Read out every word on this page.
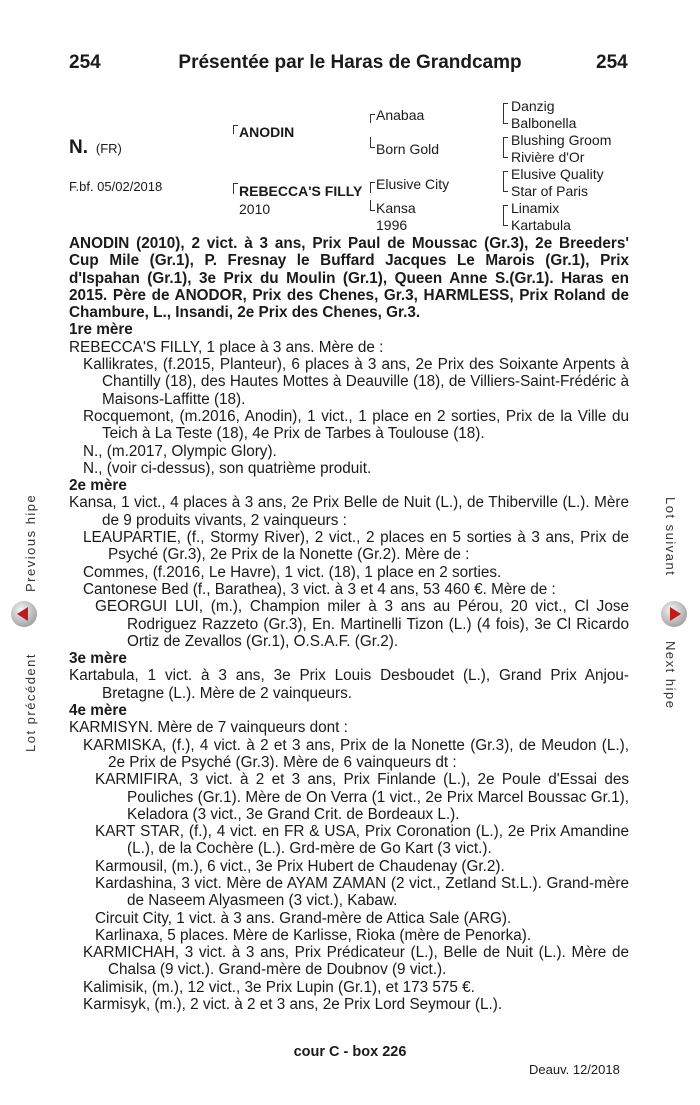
254	Présentée par le Haras de Grandcamp	254
N. (FR)
F.bf. 05/02/2018
ANODIN
REBECCA'S FILLY
2010
Anabaa
Born Gold
Elusive City
Kansa
1996
Danzig
Balbonella
Blushing Groom
Rivière d'Or
Elusive Quality
Star of Paris
Linamix
Kartabula

ANODIN (2010), 2 vict. à 3 ans, Prix Paul de Moussac (Gr.3), 2e Breeders' Cup Mile (Gr.1), P. Fresnay le Buffard Jacques Le Marois (Gr.1), Prix d'Ispahan (Gr.1), 3e Prix du Moulin (Gr.1), Queen Anne S.(Gr.1). Haras en 2015. Père de ANODOR, Prix des Chenes, Gr.3, HARMLESS, Prix Roland de Chambure, L., Insandi, 2e Prix des Chenes, Gr.3.

1re mère

REBECCA'S FILLY, 1 place à 3 ans. Mère de :

Kallikrates, (f.2015, Planteur), 6 places à 3 ans, 2e Prix des Soixante Arpents à Chantilly (18), des Hautes Mottes à Deauville (18), de Villiers-Saint-Frédéric à Maisons-Laffitte (18).

Rocquemont, (m.2016, Anodin), 1 vict., 1 place en 2 sorties, Prix de la Ville du Teich à La Teste (18), 4e Prix de Tarbes à Toulouse (18).

N., (m.2017, Olympic Glory).

N., (voir ci-dessus), son quatrième produit.

2e mère

Kansa, 1 vict., 4 places à 3 ans, 2e Prix Belle de Nuit (L.), de Thiberville (L.). Mère de 9 produits vivants, 2 vainqueurs :

LEAUPARTIE, (f., Stormy River), 2 vict., 2 places en 5 sorties à 3 ans, Prix de Psyché (Gr.3), 2e Prix de la Nonette (Gr.2). Mère de :

Commes, (f.2016, Le Havre), 1 vict. (18), 1 place en 2 sorties.

Cantonese Bed (f., Barathea), 3 vict. à 3 et 4 ans, 53 460 €. Mère de :

GEORGUI LUI, (m.), Champion miler à 3 ans au Pérou, 20 vict., Cl Jose Rodriguez Razzeto (Gr.3), En. Martinelli Tizon (L.) (4 fois), 3e Cl Ricardo Ortiz de Zevallos (Gr.1), O.S.A.F. (Gr.2).

3e mère

Kartabula, 1 vict. à 3 ans, 3e Prix Louis Desboudet (L.), Grand Prix Anjou-Bretagne (L.). Mère de 2 vainqueurs.

4e mère

KARMISYN. Mère de 7 vainqueurs dont :

KARMISKA, (f.), 4 vict. à 2 et 3 ans, Prix de la Nonette (Gr.3), de Meudon (L.), 2e Prix de Psyché (Gr.3). Mère de 6 vainqueurs dt :

KARMIFIRA, 3 vict. à 2 et 3 ans, Prix Finlande (L.), 2e Poule d'Essai des Pouliches (Gr.1). Mère de On Verra (1 vict., 2e Prix Marcel Boussac Gr.1), Keladora (3 vict., 3e Grand Crit. de Bordeaux L.).

KART STAR, (f.), 4 vict. en FR & USA, Prix Coronation (L.), 2e Prix Amandine (L.), de la Cochère (L.). Grd-mère de Go Kart (3 vict.).

Karmousil, (m.), 6 vict., 3e Prix Hubert de Chaudenay (Gr.2).

Kardashina, 3 vict. Mère de AYAM ZAMAN (2 vict., Zetland St.L.). Grand-mère de Naseem Alyasmeen (3 vict.), Kabaw.

Circuit City, 1 vict. à 3 ans. Grand-mère de Attica Sale (ARG).

Karlinaxa, 5 places. Mère de Karlisse, Rioka (mère de Penorka).

KARMICHAH, 3 vict. à 3 ans, Prix Prédicateur (L.), Belle de Nuit (L.). Mère de Chalsa (9 vict.). Grand-mère de Doubnov (9 vict.).

Kalimisik, (m.), 12 vict., 3e Prix Lupin (Gr.1), et 173 575 €.

Karmisyk, (m.), 2 vict. à 2 et 3 ans, 2e Prix Lord Seymour (L.).

cour C - box 226
Deauv. 12/2018
Lot précédent
Previous hipe	Lot suivant
Next hipe
